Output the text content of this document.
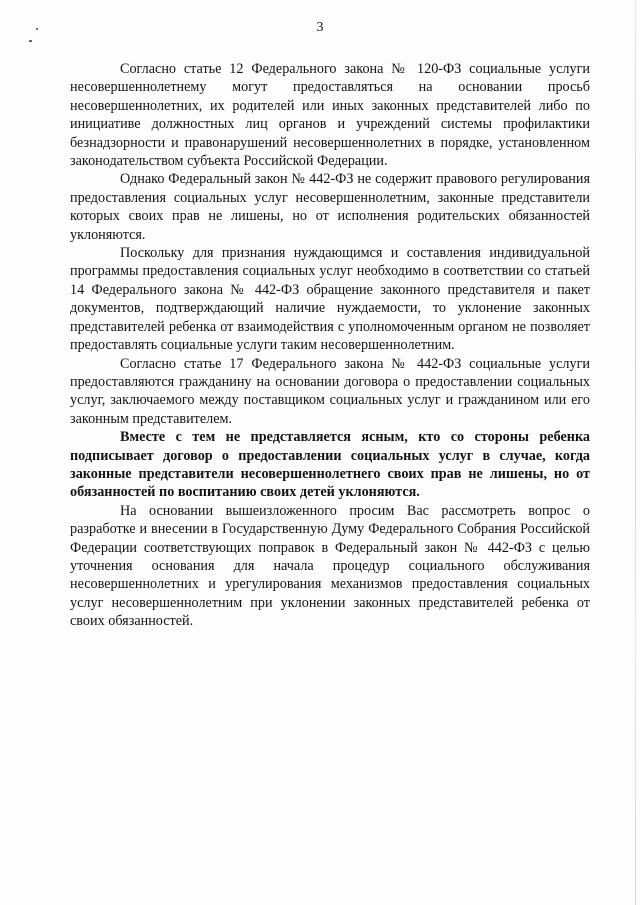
3

Согласно статье 12 Федерального закона № 120-ФЗ социальные услуги несовершеннолетнему могут предоставляться на основании просьб несовершеннолетних, их родителей или иных законных представителей либо по инициативе должностных лиц органов и учреждений системы профилактики безнадзорности и правонарушений несовершеннолетних в порядке, установленном законодательством субъекта Российской Федерации.

Однако Федеральный закон № 442-ФЗ не содержит правового регулирования предоставления социальных услуг несовершеннолетним, законные представители которых своих прав не лишены, но от исполнения родительских обязанностей уклоняются.

Поскольку для признания нуждающимся и составления индивидуальной программы предоставления социальных услуг необходимо в соответствии со статьей 14 Федерального закона № 442-ФЗ обращение законного представителя и пакет документов, подтверждающий наличие нуждаемости, то уклонение законных представителей ребенка от взаимодействия с уполномоченным органом не позволяет предоставлять социальные услуги таким несовершеннолетним.

Согласно статье 17 Федерального закона № 442-ФЗ социальные услуги предоставляются гражданину на основании договора о предоставлении социальных услуг, заключаемого между поставщиком социальных услуг и гражданином или его законным представителем.

Вместе с тем не представляется ясным, кто со стороны ребенка подписывает договор о предоставлении социальных услуг в случае, когда законные представители несовершеннолетнего своих прав не лишены, но от обязанностей по воспитанию своих детей уклоняются.

На основании вышеизложенного просим Вас рассмотреть вопрос о разработке и внесении в Государственную Думу Федерального Собрания Российской Федерации соответствующих поправок в Федеральный закон № 442-ФЗ с целью уточнения основания для начала процедур социального обслуживания несовершеннолетних и урегулирования механизмов предоставления социальных услуг несовершеннолетним при уклонении законных представителей ребенка от своих обязанностей.
